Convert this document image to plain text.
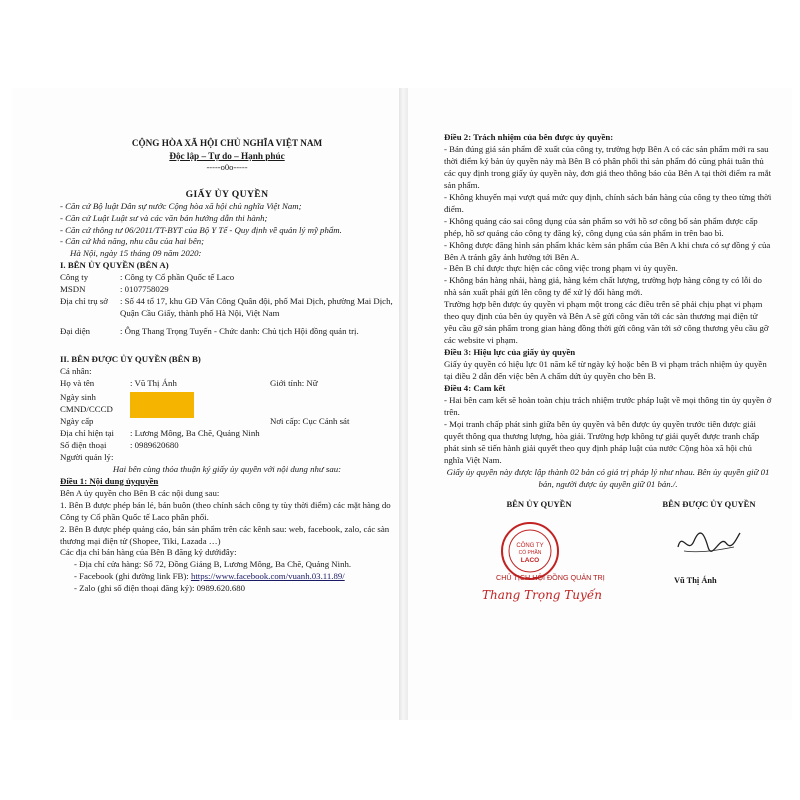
CỘNG HÒA XÃ HỘI CHỦ NGHĨA VIỆT NAM
Độc lập – Tự do – Hạnh phúc
-----o0o-----
GIẤY ỦY QUYỀN
- Căn cứ Bộ luật Dân sự nước Cộng hòa xã hội chủ nghĩa Việt Nam;
- Căn cứ Luật Luật sư và các văn bản hướng dẫn thi hành;
- Căn cứ thông tư 06/2011/TT-BYT của Bộ Y Tế - Quy định về quản lý mỹ phẩm.
- Căn cứ khả năng, nhu cầu của hai bên;
Hà Nội, ngày 15 tháng 09 năm 2020:
I. BÊN ỦY QUYỀN (BÊN A)
Công ty	: Công ty Cổ phần Quốc tế Laco
MSDN	: 0107758029
Địa chỉ trụ sở	: Số 44 tổ 17, khu GĐ Văn Công Quân đội, phố Mai Dịch, phường Mai Dịch, Quận Cầu Giấy, thành phố Hà Nội, Việt Nam
Đại diện	: Ông Thang Trọng Tuyến - Chức danh: Chủ tịch Hội đồng quản trị.
II. BÊN ĐƯỢC ỦY QUYỀN (BÊN B)
Cá nhân:
Họ và tên	: Vũ Thị Ánh	Giới tính: Nữ
Ngày sinh
CMND/CCCD
Ngày cấp	Nơi cấp: Cục Cảnh sát
Địa chỉ hiện tại	: Lương Mông, Ba Chẽ, Quảng Ninh
Số điện thoại	: 0989620680
Người quản lý:
Hai bên cùng thỏa thuận ký giấy ủy quyền với nội dung như sau:
Điều 1: Nội dung ủyquyền
Bên A ủy quyền cho Bên B các nội dung sau:
1. Bên B được phép bán lẻ, bán buôn (theo chính sách công ty tùy thời điểm) các mặt hàng do Công ty Cổ phần Quốc tế Laco phân phối.
2. Bên B được phép quảng cáo, bán sản phẩm trên các kênh sau: web, facebook, zalo, các sàn thương mại điện tử (Shopee, Tiki, Lazada …)
Các địa chỉ bán hàng của Bên B đăng ký dướiđây:
- Địa chỉ cửa hàng: Số 72, Đồng Giảng B, Lương Mông, Ba Chẽ, Quảng Ninh.
- Facebook (ghi đường link FB): https://www.facebook.com/vuanh.03.11.89/
- Zalo (ghi số điện thoại đăng ký): 0989.620.680
Điều 2: Trách nhiệm của bên được ủy quyền:
- Bán đúng giá sản phẩm đề xuất của công ty, trường hợp Bên A có các sản phẩm mới ra sau thời điểm ký bản ủy quyền này mà Bên B có phân phối thì sản phẩm đó cũng phải tuân thủ các quy định trong giấy ủy quyền này, đơn giá theo thông báo của Bên A tại thời điểm ra mắt sản phẩm.
- Không khuyến mại vượt quá mức quy định, chính sách bán hàng của công ty theo từng thời điểm.
- Không quảng cáo sai công dụng của sản phẩm so với hồ sơ công bố sản phẩm được cấp phép, hồ sơ quảng cáo công ty đăng ký, công dụng của sản phẩm in trên bao bì.
- Không được đăng hình sản phẩm khác kèm sản phẩm của Bên A khi chưa có sự đồng ý của Bên A tránh gây ảnh hưởng tới Bên A.
- Bên B chỉ được thực hiện các công việc trong phạm vi ủy quyền.
- Không bán hàng nhái, hàng giả, hàng kém chất lượng, trường hợp hàng công ty có lỗi do nhà sản xuất phải gửi lên công ty để xử lý đổi hàng mới.
Trường hợp bên được ủy quyền vi phạm một trong các điều trên sẽ phải chịu phạt vi phạm theo quy định của bên ủy quyền và Bên A sẽ gửi công văn tới các sàn thương mại điện tử yêu cầu gỡ sản phẩm trong gian hàng đồng thời gửi công văn tới sở công thương yêu cầu gỡ các website vi phạm.
Điều 3: Hiệu lực của giấy ủy quyền
Giấy ủy quyền có hiệu lực 01 năm kể từ ngày ký hoặc bên B vi phạm trách nhiệm ủy quyền tại điều 2 dẫn đến việc bên A chấm dứt ủy quyền cho bên B.
Điều 4: Cam kết
- Hai bên cam kết sẽ hoàn toàn chịu trách nhiệm trước pháp luật về mọi thông tin ủy quyền ở trên.
- Mọi tranh chấp phát sinh giữa bên ủy quyền và bên được ủy quyền trước tiên được giải quyết thông qua thương lượng, hòa giải. Trường hợp không tự giải quyết được tranh chấp phát sinh sẽ tiến hành giải quyết theo quy định pháp luật của nước Cộng hòa xã hội chủ nghĩa Việt Nam.
Giấy ủy quyền này được lập thành 02 bản có giá trị pháp lý như nhau. Bên ủy quyền giữ 01 bản, người được ủy quyền giữ 01 bản./.
BÊN ỦY QUYỀN	BÊN ĐƯỢC ỦY QUYỀN
CÔNG TY
CỔ PHẦN
LACO
CHỦ TỊCH HỘI ĐỒNG QUẢN TRỊ
Thang Trọng Tuyến
Vũ Thị Ánh
